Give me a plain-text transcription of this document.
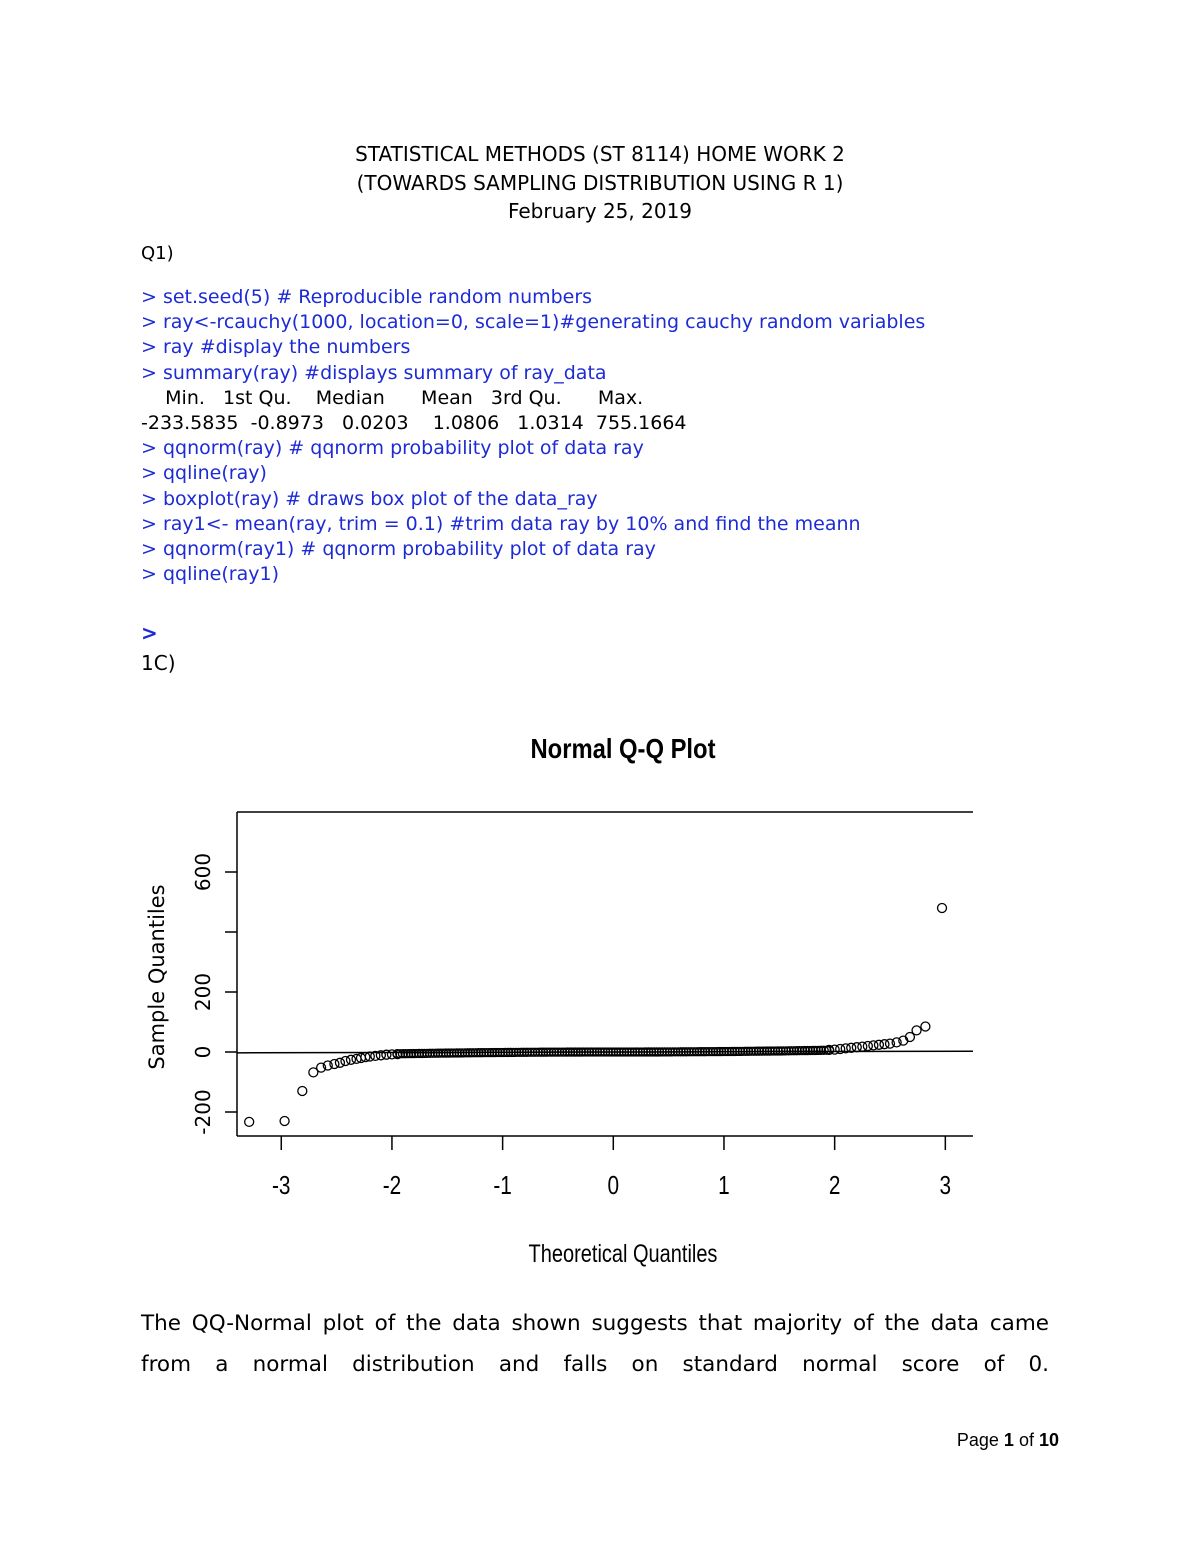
STATISTICAL METHODS (ST 8114) HOME WORK 2
(TOWARDS SAMPLING DISTRIBUTION USING R 1)
February 25, 2019
Q1)
> set.seed(5) # Reproducible random numbers
> ray<-rcauchy(1000, location=0, scale=1)#generating cauchy random variables
> ray #display the numbers
> summary(ray) #displays summary of ray_data
Min.   1st Qu.    Median      Mean   3rd Qu.      Max.
-233.5835  -0.8973   0.0203    1.0806   1.0314  755.1664
> qqnorm(ray) # qqnorm probability plot of data ray
> qqline(ray)
> boxplot(ray) # draws box plot of the data_ray
> ray1<- mean(ray, trim = 0.1) #trim data ray by 10% and find the meann
> qqnorm(ray1) # qqnorm probability plot of data ray
> qqline(ray1)
>
1C)
Normal Q-Q Plot
-3	-2	-1	0	1	2	3
-200
0
200
600
Theoretical Quantiles
Sample Quantiles
The QQ-Normal plot of the data shown suggests that majority of the data came from a normal distribution and falls on standard normal score of 0.
Page 1 of 10
